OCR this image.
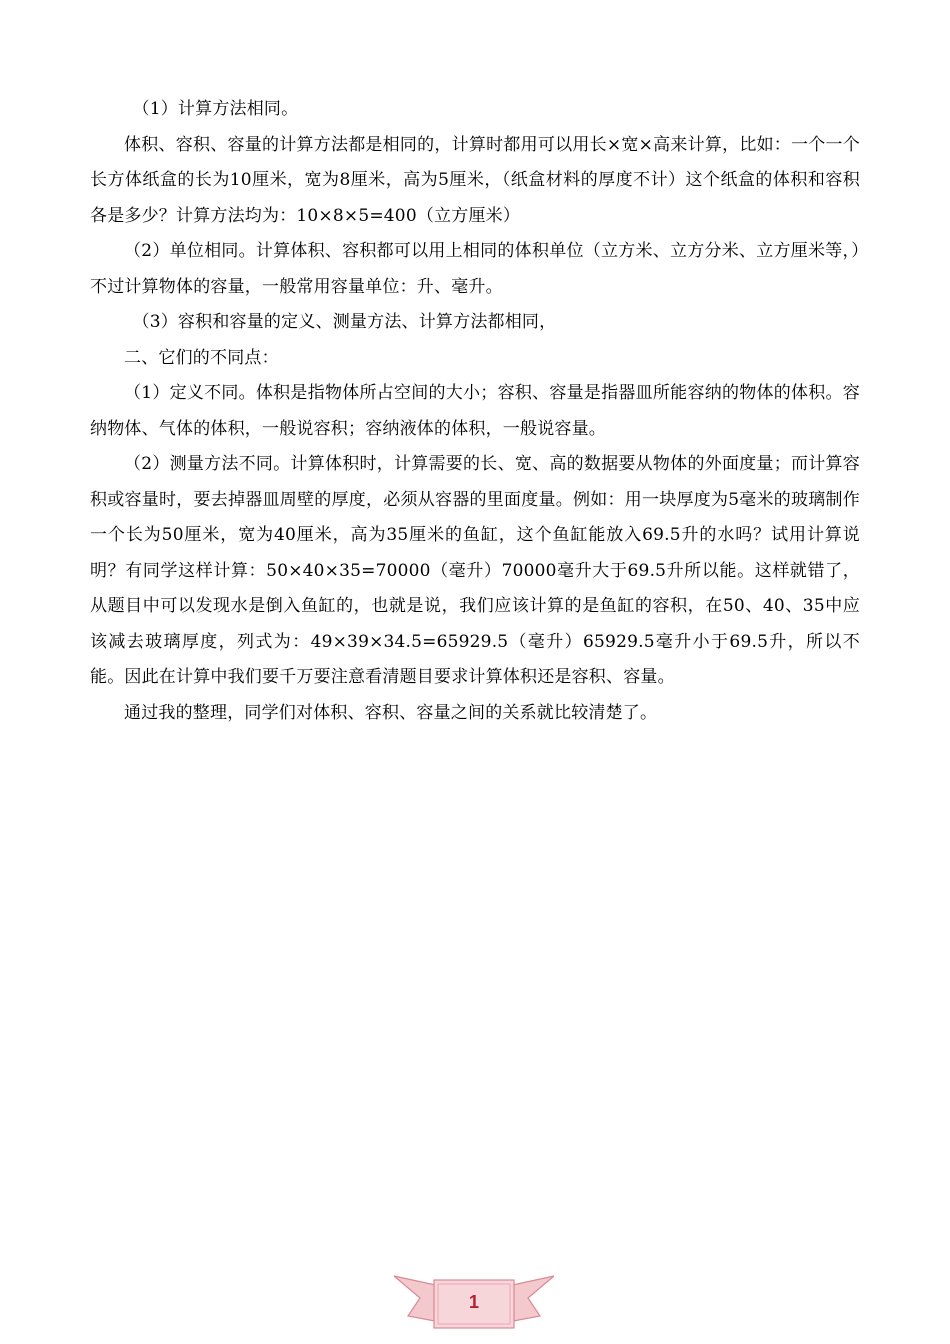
（1）计算方法相同。

体积、容积、容量的计算方法都是相同的，计算时都用可以用长×宽×高来计算，比如：一个一个长方体纸盒的长为10厘米，宽为8厘米，高为5厘米，（纸盒材料的厚度不计）这个纸盒的体积和容积各是多少？计算方法均为：10×8×5=400（立方厘米）

（2）单位相同。计算体积、容积都可以用上相同的体积单位（立方米、立方分米、立方厘米等，）不过计算物体的容量，一般常用容量单位：升、毫升。

（3）容积和容量的定义、测量方法、计算方法都相同，

二、它们的不同点：

（1）定义不同。体积是指物体所占空间的大小；容积、容量是指器皿所能容纳的物体的体积。容纳物体、气体的体积，一般说容积；容纳液体的体积，一般说容量。

（2）测量方法不同。计算体积时，计算需要的长、宽、高的数据要从物体的外面度量；而计算容积或容量时，要去掉器皿周壁的厚度，必须从容器的里面度量。例如：用一块厚度为5毫米的玻璃制作一个长为50厘米，宽为40厘米，高为35厘米的鱼缸，这个鱼缸能放入69.5升的水吗？试用计算说明？有同学这样计算：50×40×35=70000（毫升）70000毫升大于69.5升所以能。这样就错了，从题目中可以发现水是倒入鱼缸的，也就是说，我们应该计算的是鱼缸的容积，在50、40、35中应该减去玻璃厚度，列式为：49×39×34.5=65929.5（毫升）65929.5毫升小于69.5升，所以不能。因此在计算中我们要千万要注意看清题目要求计算体积还是容积、容量。

通过我的整理，同学们对体积、容积、容量之间的关系就比较清楚了。

1
